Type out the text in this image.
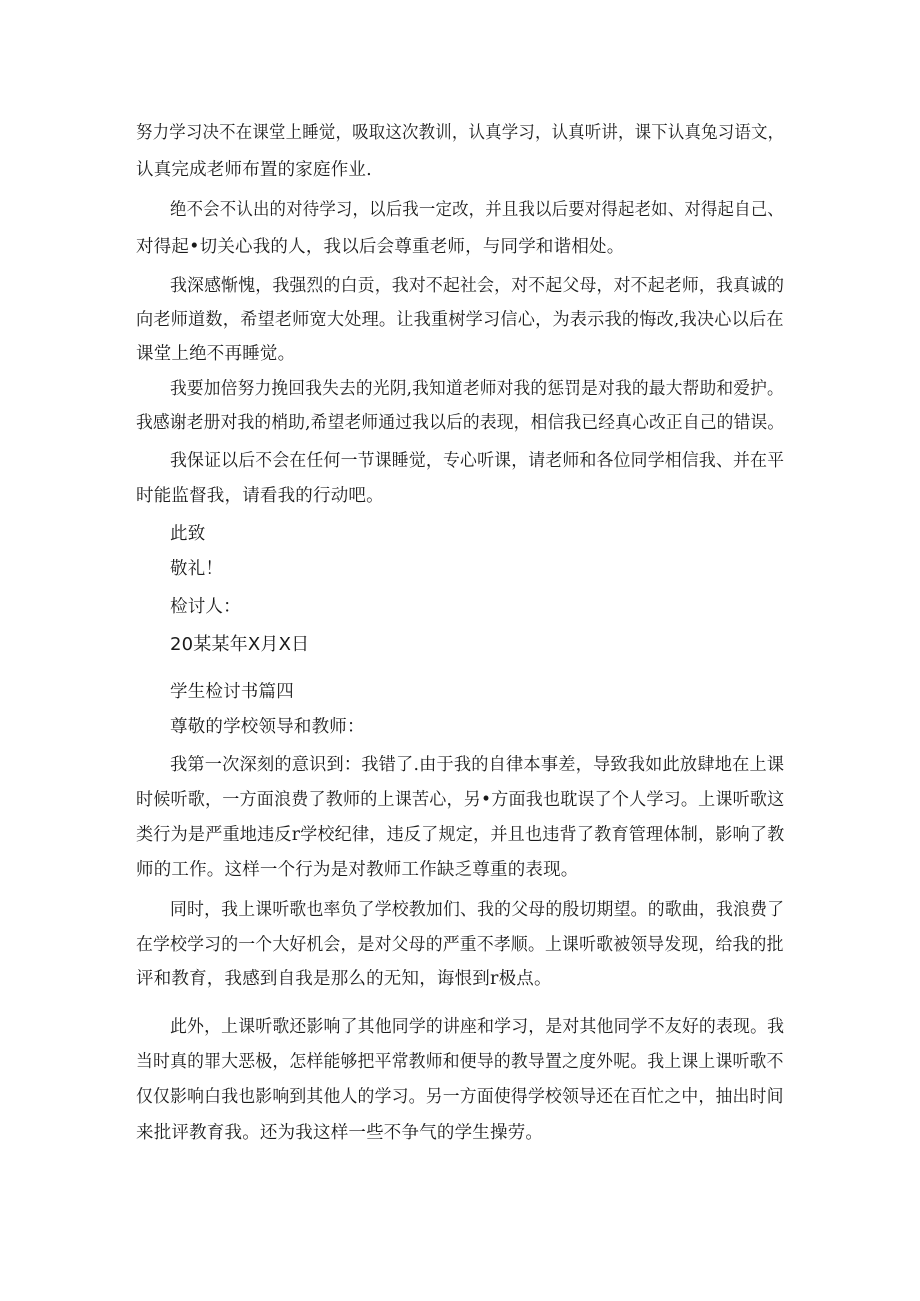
努力学习决不在课堂上睡觉，吸取这次教训，认真学习，认真听讲，课下认真兔习语文，
认真完成老师布置的家庭作业.
绝不会不认出的对待学习，以后我一定改，并且我以后要对得起老如、对得起自己、
对得起•切关心我的人，我以后会尊重老师，与同学和谐相处。
我深感惭愧，我强烈的白贡，我对不起社会，对不起父母，对不起老师，我真诚的
向老师道数，希望老师宽大处理。让我重树学习信心，为表示我的悔改,我决心以后在
课堂上绝不再睡觉。
我要加倍努力挽回我失去的光阴,我知道老师对我的惩罚是对我的最大帮助和爱护。
我感谢老册对我的梢助,希望老师通过我以后的表现，相信我已经真心改正自己的错误。
我保证以后不会在任何一节课睡觉，专心听课，请老师和各位同学相信我、并在平
时能监督我，请看我的行动吧。
此致
敬礼！
检讨人：
20某某年X月X日
学生检讨书篇四
尊敬的学校领导和教师：
我第一次深刻的意识到：我错了.由于我的自律本事差，导致我如此放肆地在上课
时候听歌，一方面浪费了教师的上课苦心，另•方面我也耽误了个人学习。上课听歌这
类行为是严重地违反r学校纪律，违反了规定，并且也违背了教育管理体制，影响了教
师的工作。这样一个行为是对教师工作缺乏尊重的表现。
同时，我上课听歌也率负了学校教加们、我的父母的殷切期望。的歌曲，我浪费了
在学校学习的一个大好机会，是对父母的严重不孝顺。上课听歌被领导发现，给我的批
评和教育，我感到自我是那么的无知，诲恨到r极点。
此外，上课听歌还影响了其他同学的讲座和学习，是对其他同学不友好的表现。我
当时真的罪大恶极，怎样能够把平常教师和便导的教导置之度外呢。我上课上课听歌不
仅仅影响白我也影响到其他人的学习。另一方面使得学校领导还在百忙之中，抽出时间
来批评教育我。还为我这样一些不争气的学生操劳。
